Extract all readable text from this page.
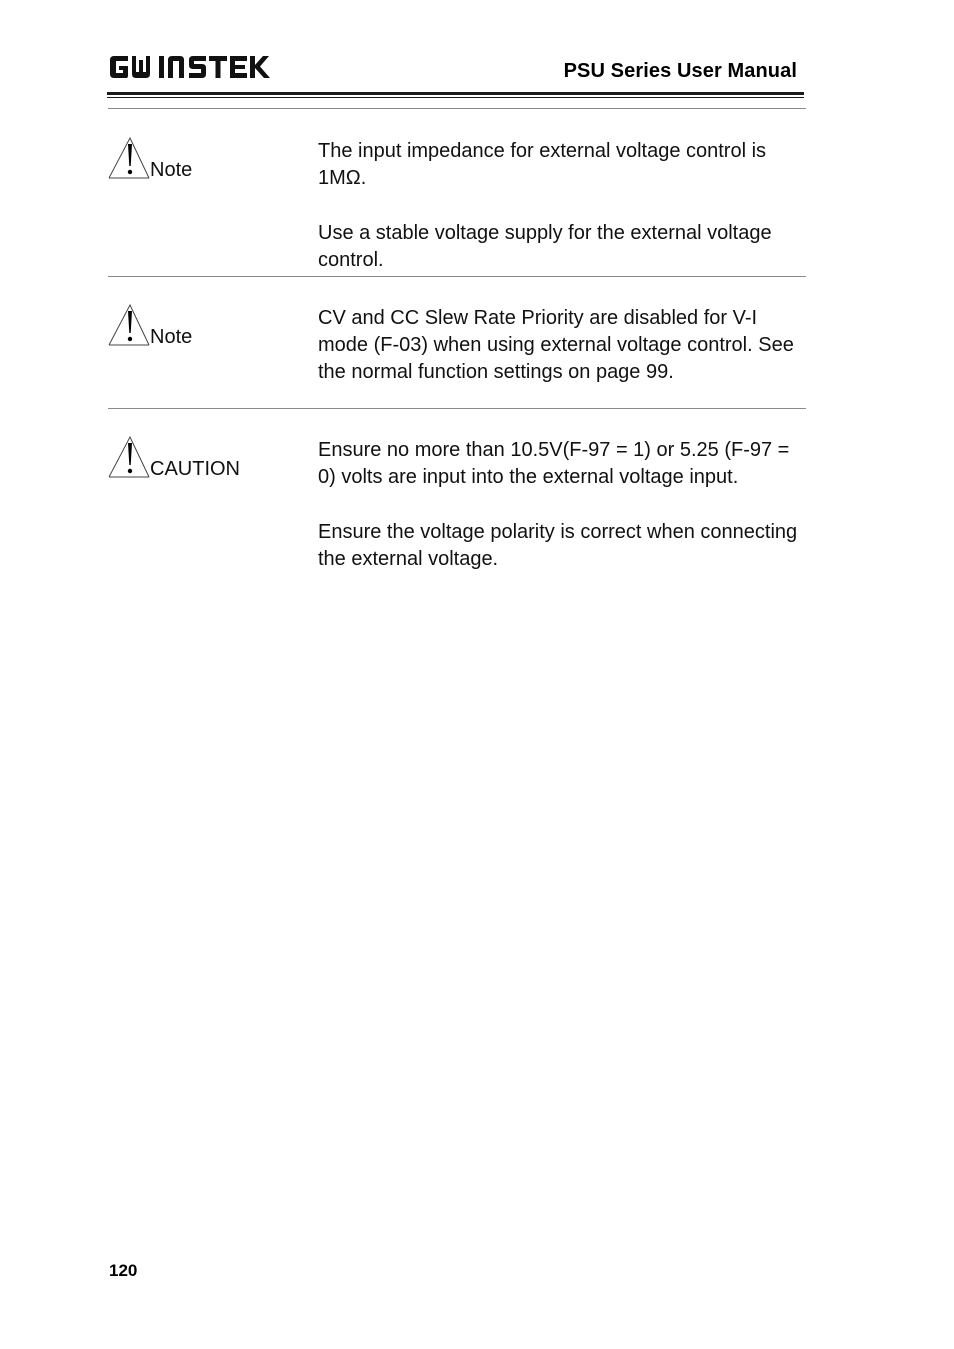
PSU Series User Manual
Note

The input impedance for external voltage control is 1MΩ.

Use a stable voltage supply for the external voltage control.

Note

CV and CC Slew Rate Priority are disabled for V-I mode (F-03) when using external voltage control. See the normal function settings on page 99.

CAUTION

Ensure no more than 10.5V(F-97 = 1) or 5.25 (F-97 = 0) volts are input into the external voltage input.

Ensure the voltage polarity is correct when connecting the external voltage.

120
